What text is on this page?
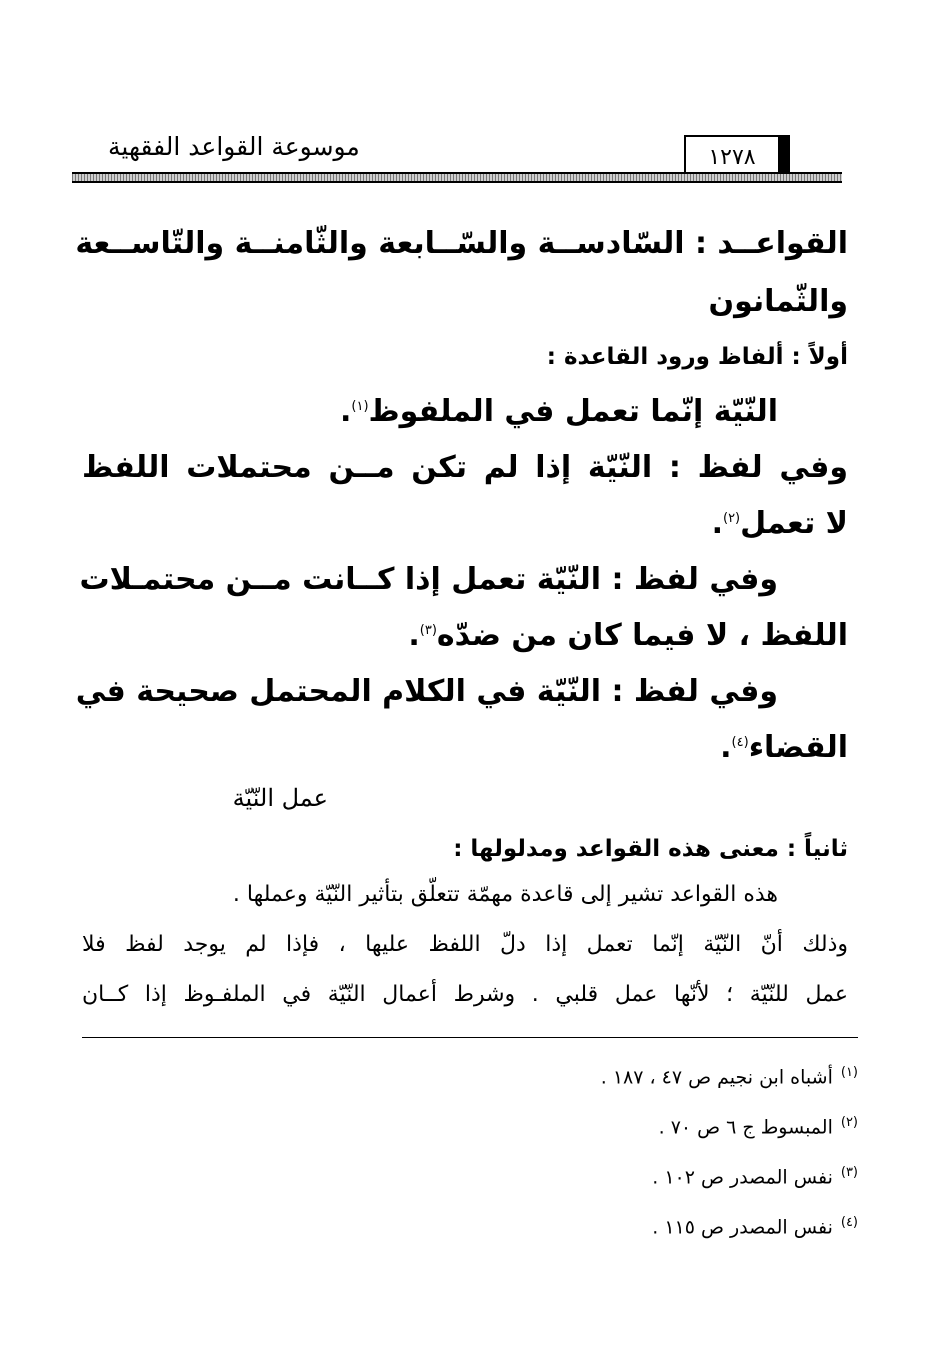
موسوعة القواعد الفقهية	١٢٧٨
القواعــد : السّادســة والسّــابعة والثّامنــة والتّاســعة
والثّمانون
أولاً : ألفاظ ورود القاعدة :
النّيّة إنّما تعمل في الملفوظ$^{(١)}$.
وفي لفظ : النّيّة إذا لم تكن مــن محتملات اللفظ
لا تعمل$^{(٢)}$.
وفي لفظ : النّيّة تعمل إذا كــانت مــن محتمـلات
اللفظ ، لا فيما كان من ضدّه$^{(٣)}$.
وفي لفظ : النّيّة في الكلام المحتمل صحيحة في
القضاء$^{(٤)}$.
عمل النّيّة
ثانياً : معنى هذه القواعد ومدلولها :
هذه القواعد تشير إلى قاعدة مهمّة تتعلّق بتأثير النّيّة وعملها .
وذلك أنّ النّيّة إنّما تعمل إذا دلّ اللفظ عليها ، فإذا لم يوجد لفظ فلا
عمل للنّيّة ؛ لأنّها عمل قلبي . وشرط أعمال النّيّة في الملفـوظ إذا كــان
$^{(١)}$أشباه ابن نجيم ص ٤٧ ، ١٨٧ .
$^{(٢)}$المبسوط ج ٦ ص ٧٠ .
$^{(٣)}$نفس المصدر ص ١٠٢ .
$^{(٤)}$نفس المصدر ص ١١٥ .
